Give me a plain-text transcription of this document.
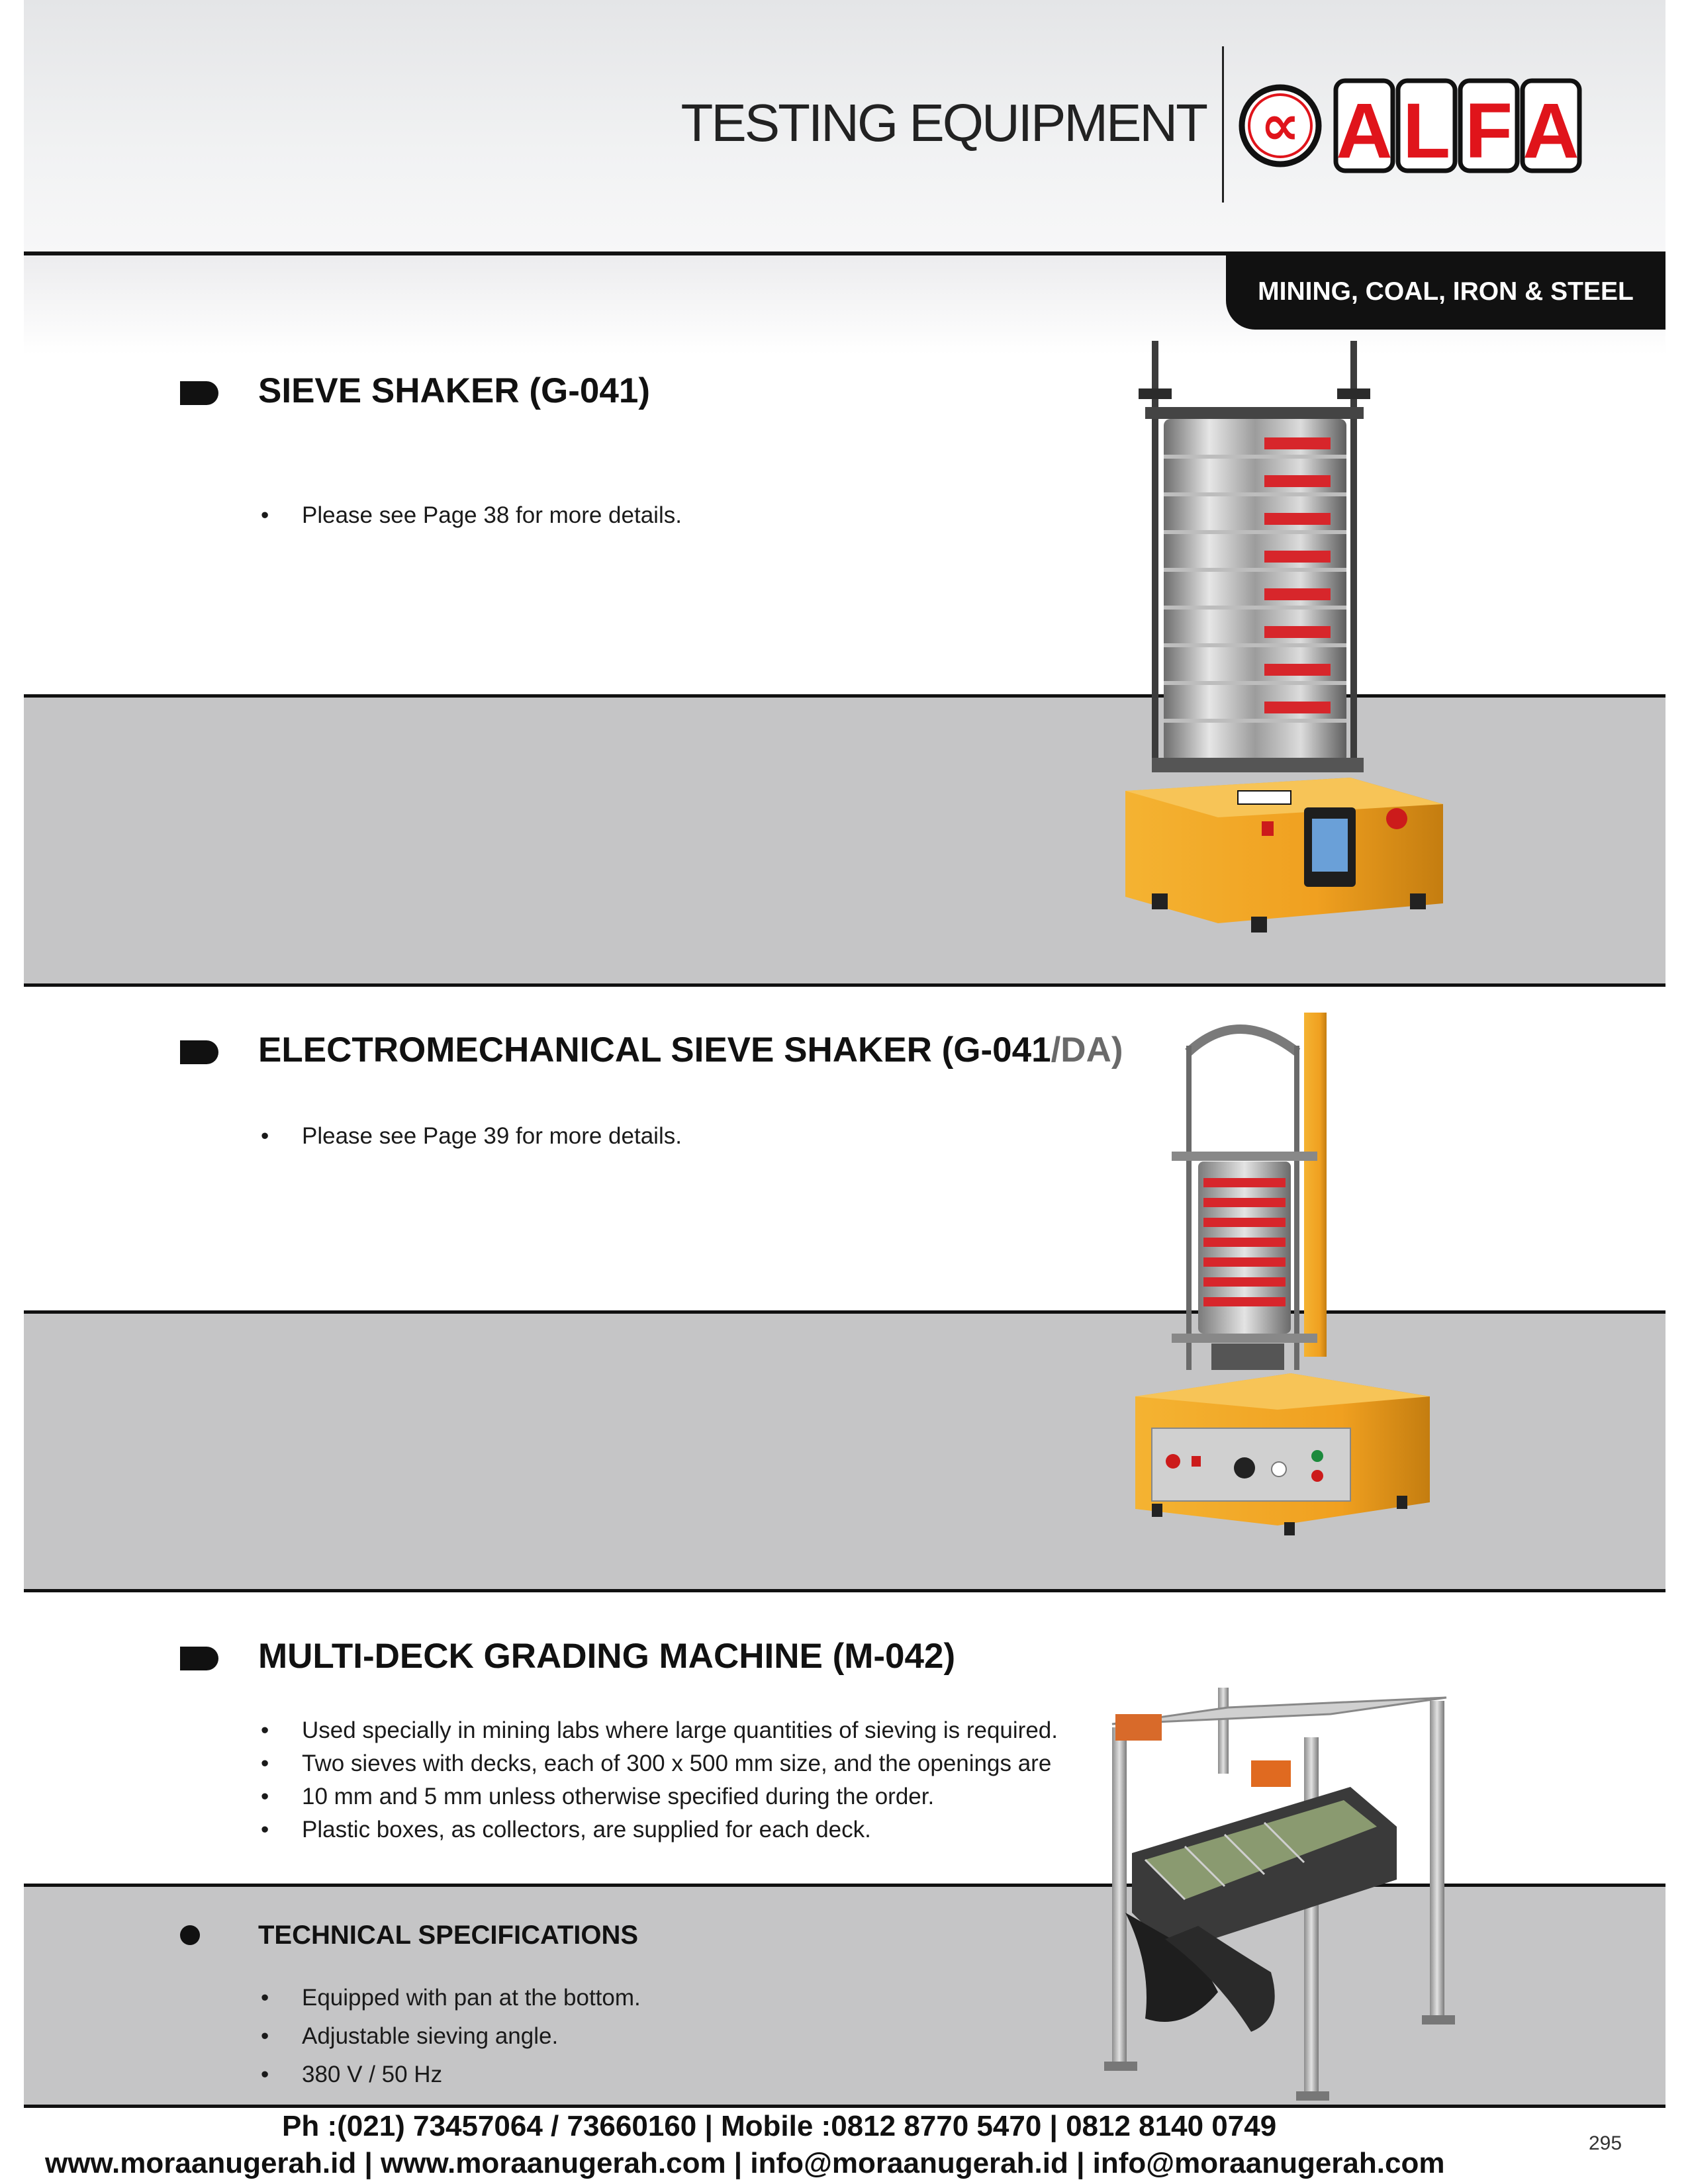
TESTING EQUIPMENT ∝ A L F A
MINING, COAL, IRON & STEEL
SIEVE SHAKER (G-041)
• Please see Page 38 for more details.
ELECTROMECHANICAL SIEVE SHAKER (G-041/DA)
• Please see Page 39 for more details.
MULTI-DECK GRADING MACHINE (M-042)
• Used specially in mining labs where large quantities of sieving is required.
• Two sieves with decks, each of 300 x 500 mm size, and the openings are
• 10 mm and 5 mm unless otherwise specified during the order.
• Plastic boxes, as collectors, are supplied for each deck.
TECHNICAL SPECIFICATIONS
• Equipped with pan at the bottom.
• Adjustable sieving angle.
• 380 V / 50 Hz
Ph :(021) 73457064 / 73660160 | Mobile :0812 8770 5470 | 0812 8140 0749
www.moraanugerah.id | www.moraanugerah.com | info@moraanugerah.id | info@moraanugerah.com
295
